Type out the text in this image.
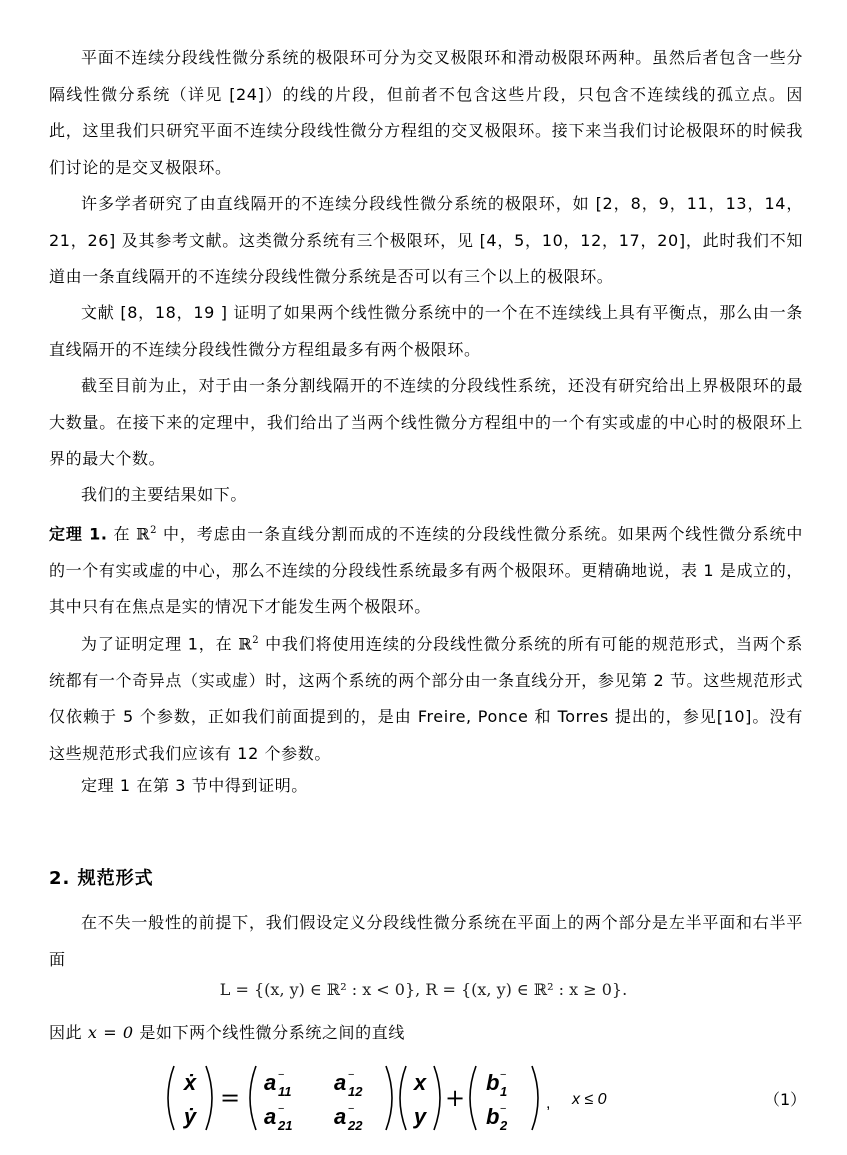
平面不连续分段线性微分系统的极限环可分为交叉极限环和滑动极限环两种。虽然后者包含一些分隔线性微分系统（详见 [24]）的线的片段，但前者不包含这些片段，只包含不连续线的孤立点。因此，这里我们只研究平面不连续分段线性微分方程组的交叉极限环。接下来当我们讨论极限环的时候我们讨论的是交叉极限环。

许多学者研究了由直线隔开的不连续分段线性微分系统的极限环，如 [2，8，9，11，13，14，21，26] 及其参考文献。这类微分系统有三个极限环，见 [4，5，10，12，17，20]，此时我们不知道由一条直线隔开的不连续分段线性微分系统是否可以有三个以上的极限环。

文献 [8，18，19 ] 证明了如果两个线性微分系统中的一个在不连续线上具有平衡点，那么由一条直线隔开的不连续分段线性微分方程组最多有两个极限环。

截至目前为止，对于由一条分割线隔开的不连续的分段线性系统，还没有研究给出上界极限环的最大数量。在接下来的定理中，我们给出了当两个线性微分方程组中的一个有实或虚的中心时的极限环上界的最大个数。

我们的主要结果如下。

定理 1. 在 ℝ$^2$ 中，考虑由一条直线分割而成的不连续的分段线性微分系统。如果两个线性微分系统中的一个有实或虚的中心，那么不连续的分段线性系统最多有两个极限环。更精确地说，表 1 是成立的，其中只有在焦点是实的情况下才能发生两个极限环。

为了证明定理 1，在 ℝ$^2$ 中我们将使用连续的分段线性微分系统的所有可能的规范形式，当两个系统都有一个奇异点（实或虚）时，这两个系统的两个部分由一条直线分开，参见第 2 节。这些规范形式仅依赖于 5 个参数，正如我们前面提到的，是由 Freire, Ponce 和 Torres 提出的，参见[10]。没有这些规范形式我们应该有 12 个参数。

定理 1 在第 3 节中得到证明。

2. 规范形式

在不失一般性的前提下，我们假设定义分段线性微分系统在平面上的两个部分是左半平面和右半平面

L = {(x, y) ∈ ℝ² : x < 0}, R = {(x, y) ∈ ℝ² : x ≥ 0}.

因此 x = 0 是如下两个线性微分系统之间的直线

ẋ
ẏ
a	a
a	a
x
y
b
b
11	12
21	22
1
2
−	−
−	−
−
−
=	+	, x ≤ 0	（1）
